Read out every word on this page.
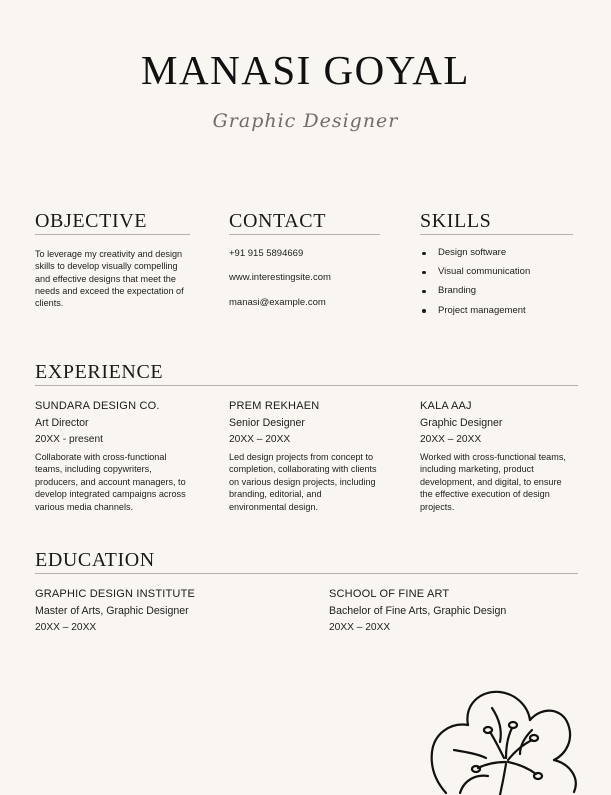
MANASI GOYAL
Graphic Designer
OBJECTIVE
To leverage my creativity and design skills to develop visually compelling and effective designs that meet the needs and exceed the expectation of clients.
CONTACT
+91 915 5894669
www.interestingsite.com
manasi@example.com
SKILLS
Design software
Visual communication
Branding
Project management
EXPERIENCE
SUNDARA DESIGN CO.
Art Director
20XX - present
Collaborate with cross-functional teams, including copywriters, producers, and account managers, to develop integrated campaigns across various media channels.
PREM REKHAEN
Senior Designer
20XX – 20XX
Led design projects from concept to completion, collaborating with clients on various design projects, including branding, editorial, and environmental design.
KALA AAJ
Graphic Designer
20XX – 20XX
Worked with cross-functional teams, including marketing, product development, and digital, to ensure the effective execution of design projects.
EDUCATION
GRAPHIC DESIGN INSTITUTE
Master of Arts, Graphic Designer
20XX – 20XX
SCHOOL OF FINE ART
Bachelor of Fine Arts, Graphic Design
20XX – 20XX
